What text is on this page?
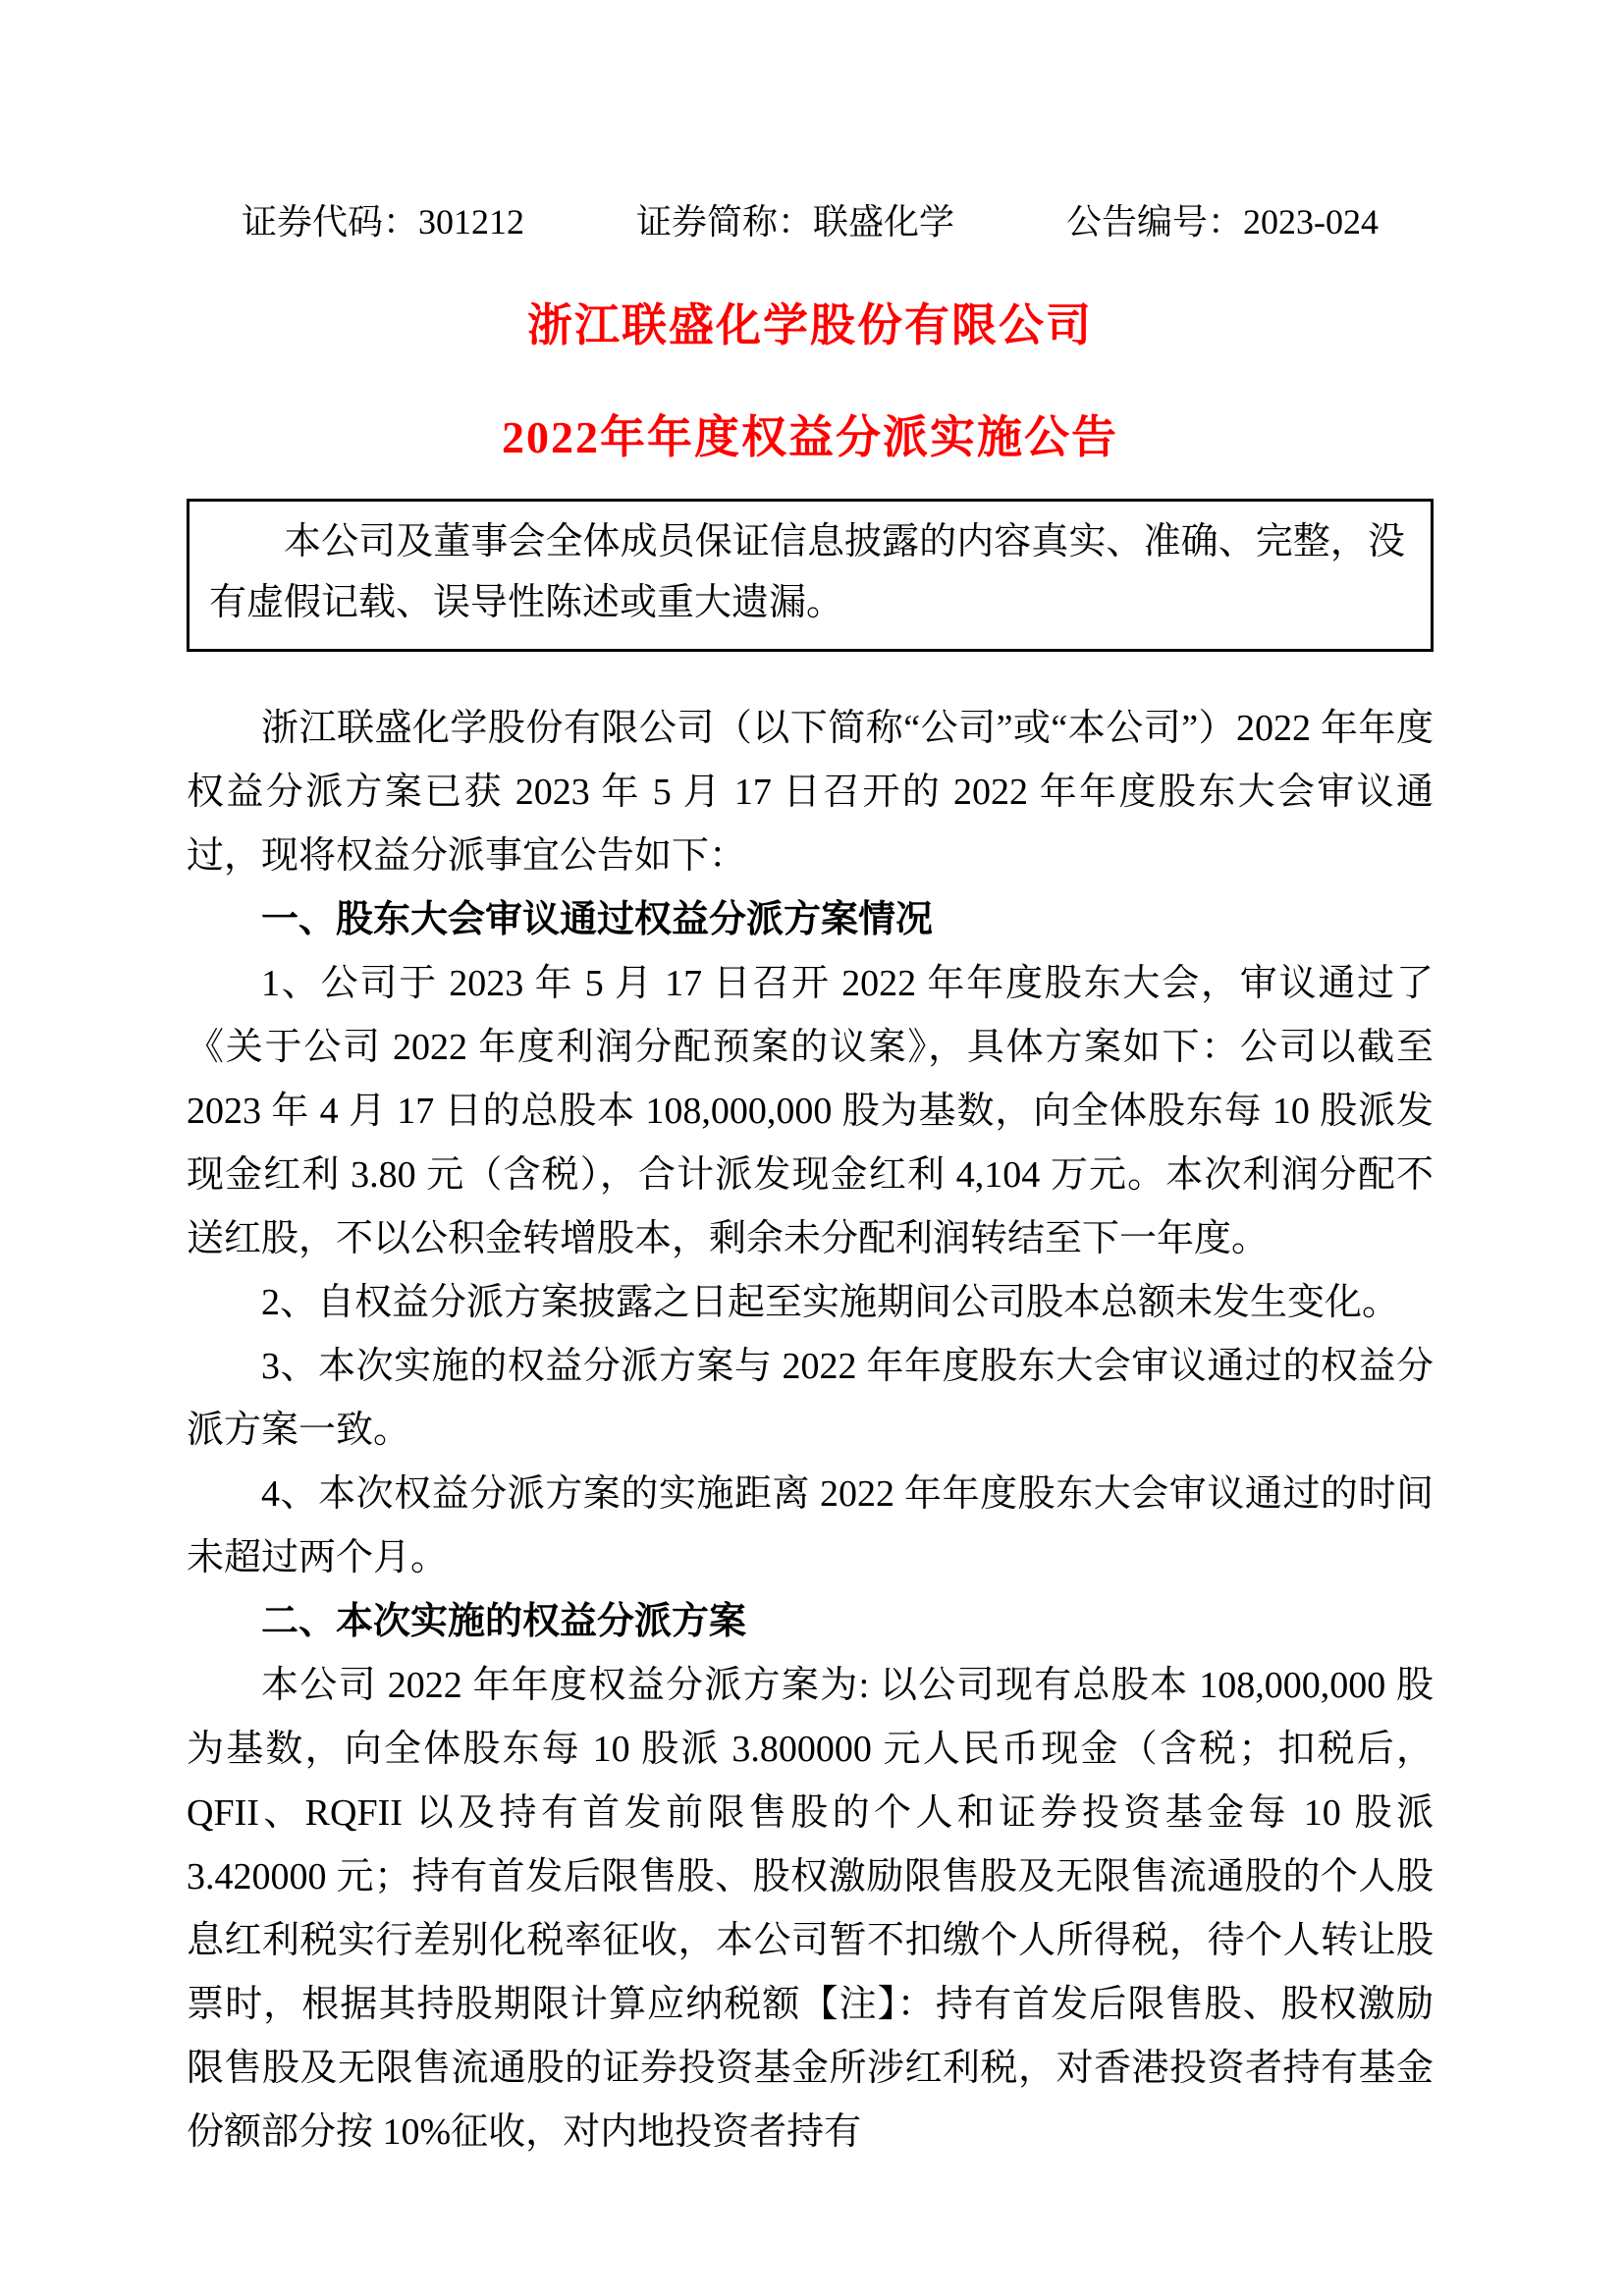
证券代码：301212	证券简称：联盛化学	公告编号：2023-024
浙江联盛化学股份有限公司
2022年年度权益分派实施公告

本公司及董事会全体成员保证信息披露的内容真实、准确、完整，没有虚假记载、误导性陈述或重大遗漏。

浙江联盛化学股份有限公司（以下简称“公司”或“本公司”）2022 年年度权益分派方案已获 2023 年 5 月 17 日召开的 2022 年年度股东大会审议通过，现将权益分派事宜公告如下：

一、股东大会审议通过权益分派方案情况

1、公司于 2023 年 5 月 17 日召开 2022 年年度股东大会，审议通过了《关于公司 2022 年度利润分配预案的议案》，具体方案如下：公司以截至 2023 年 4 月 17 日的总股本 108,000,000 股为基数，向全体股东每 10 股派发现金红利 3.80 元（含税），合计派发现金红利 4,104 万元。本次利润分配不送红股，不以公积金转增股本，剩余未分配利润转结至下一年度。

2、自权益分派方案披露之日起至实施期间公司股本总额未发生变化。

3、本次实施的权益分派方案与 2022 年年度股东大会审议通过的权益分派方案一致。

4、本次权益分派方案的实施距离 2022 年年度股东大会审议通过的时间未超过两个月。

二、本次实施的权益分派方案

本公司 2022 年年度权益分派方案为: 以公司现有总股本 108,000,000 股为基数，向全体股东每 10 股派 3.800000 元人民币现金（含税；扣税后，QFII、RQFII 以及持有首发前限售股的个人和证券投资基金每 10 股派 3.420000 元；持有首发后限售股、股权激励限售股及无限售流通股的个人股息红利税实行差别化税率征收，本公司暂不扣缴个人所得税，待个人转让股票时，根据其持股期限计算应纳税额【注】：持有首发后限售股、股权激励限售股及无限售流通股的证券投资基金所涉红利税，对香港投资者持有基金份额部分按 10%征收，对内地投资者持有
